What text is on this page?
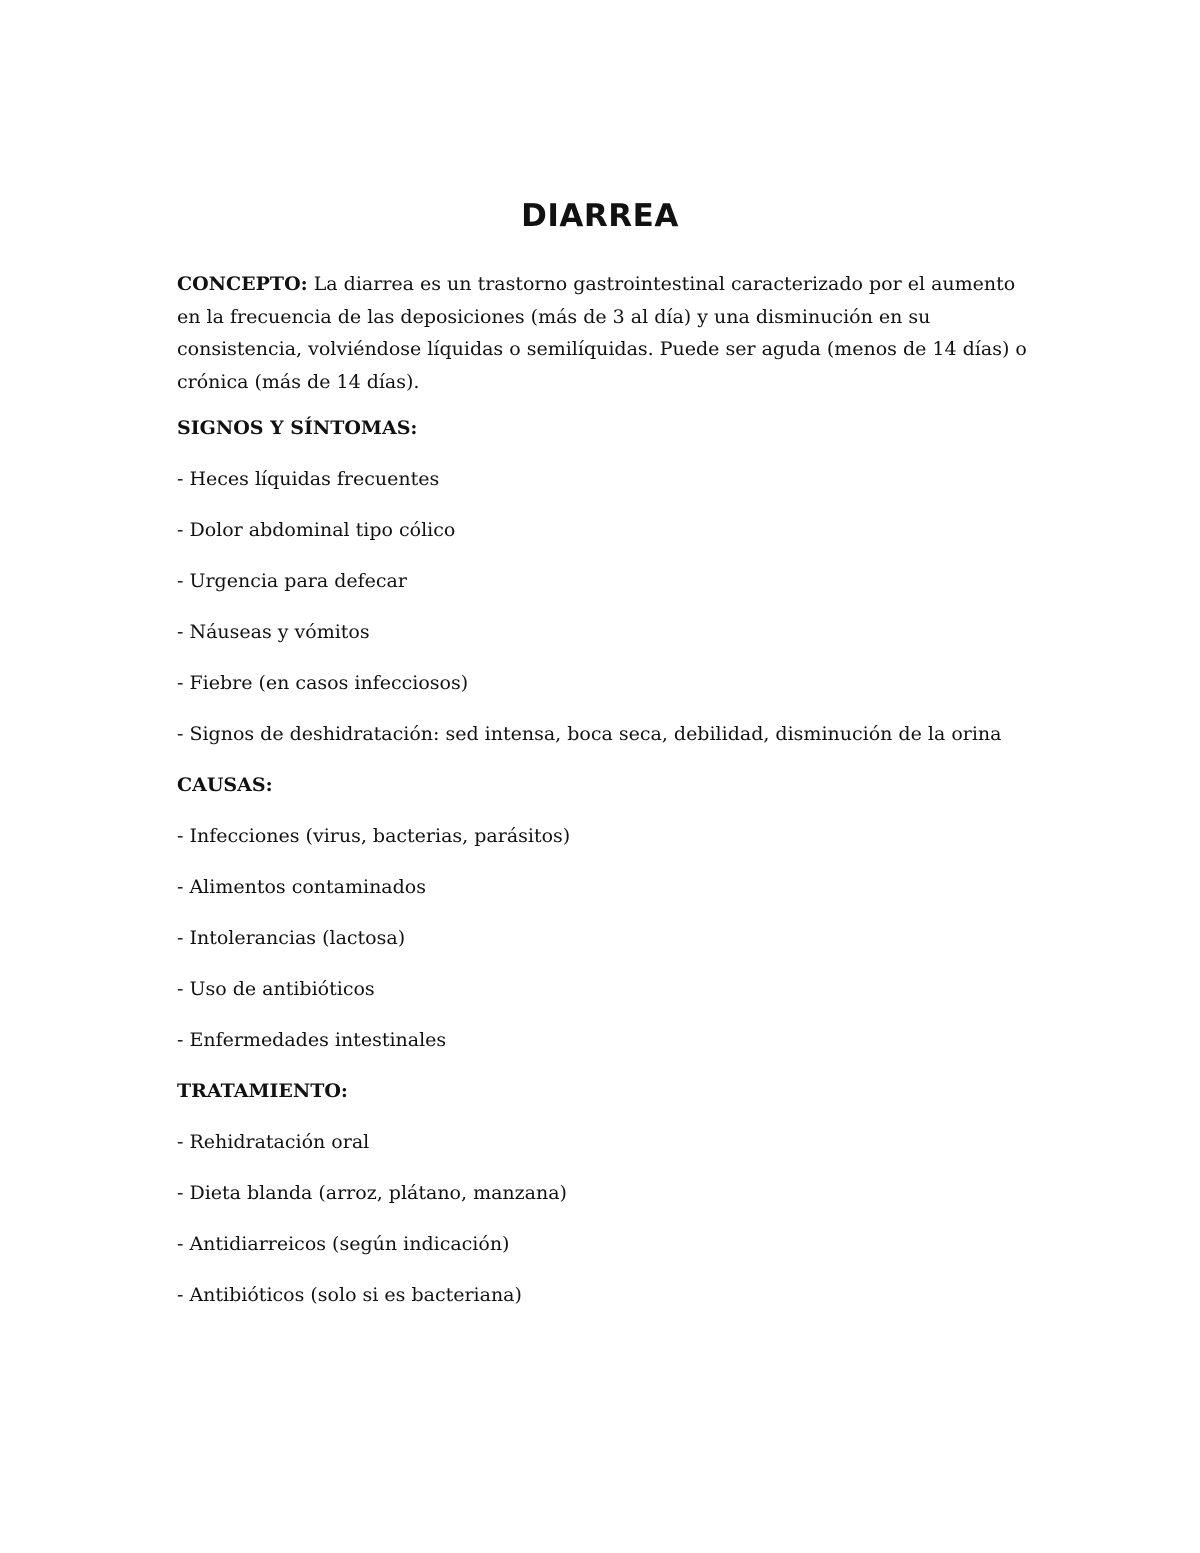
DIARREA

CONCEPTO: La diarrea es un trastorno gastrointestinal caracterizado por el aumento en la frecuencia de las deposiciones (más de 3 al día) y una disminución en su consistencia, volviéndose líquidas o semilíquidas. Puede ser aguda (menos de 14 días) o crónica (más de 14 días).

SIGNOS Y SÍNTOMAS:

- Heces líquidas frecuentes
- Dolor abdominal tipo cólico
- Urgencia para defecar
- Náuseas y vómitos
- Fiebre (en casos infecciosos)
- Signos de deshidratación: sed intensa, boca seca, debilidad, disminución de la orina

CAUSAS:

- Infecciones (virus, bacterias, parásitos)
- Alimentos contaminados
- Intolerancias (lactosa)
- Uso de antibióticos
- Enfermedades intestinales

TRATAMIENTO:

- Rehidratación oral
- Dieta blanda (arroz, plátano, manzana)
- Antidiarreicos (según indicación)
- Antibióticos (solo si es bacteriana)
